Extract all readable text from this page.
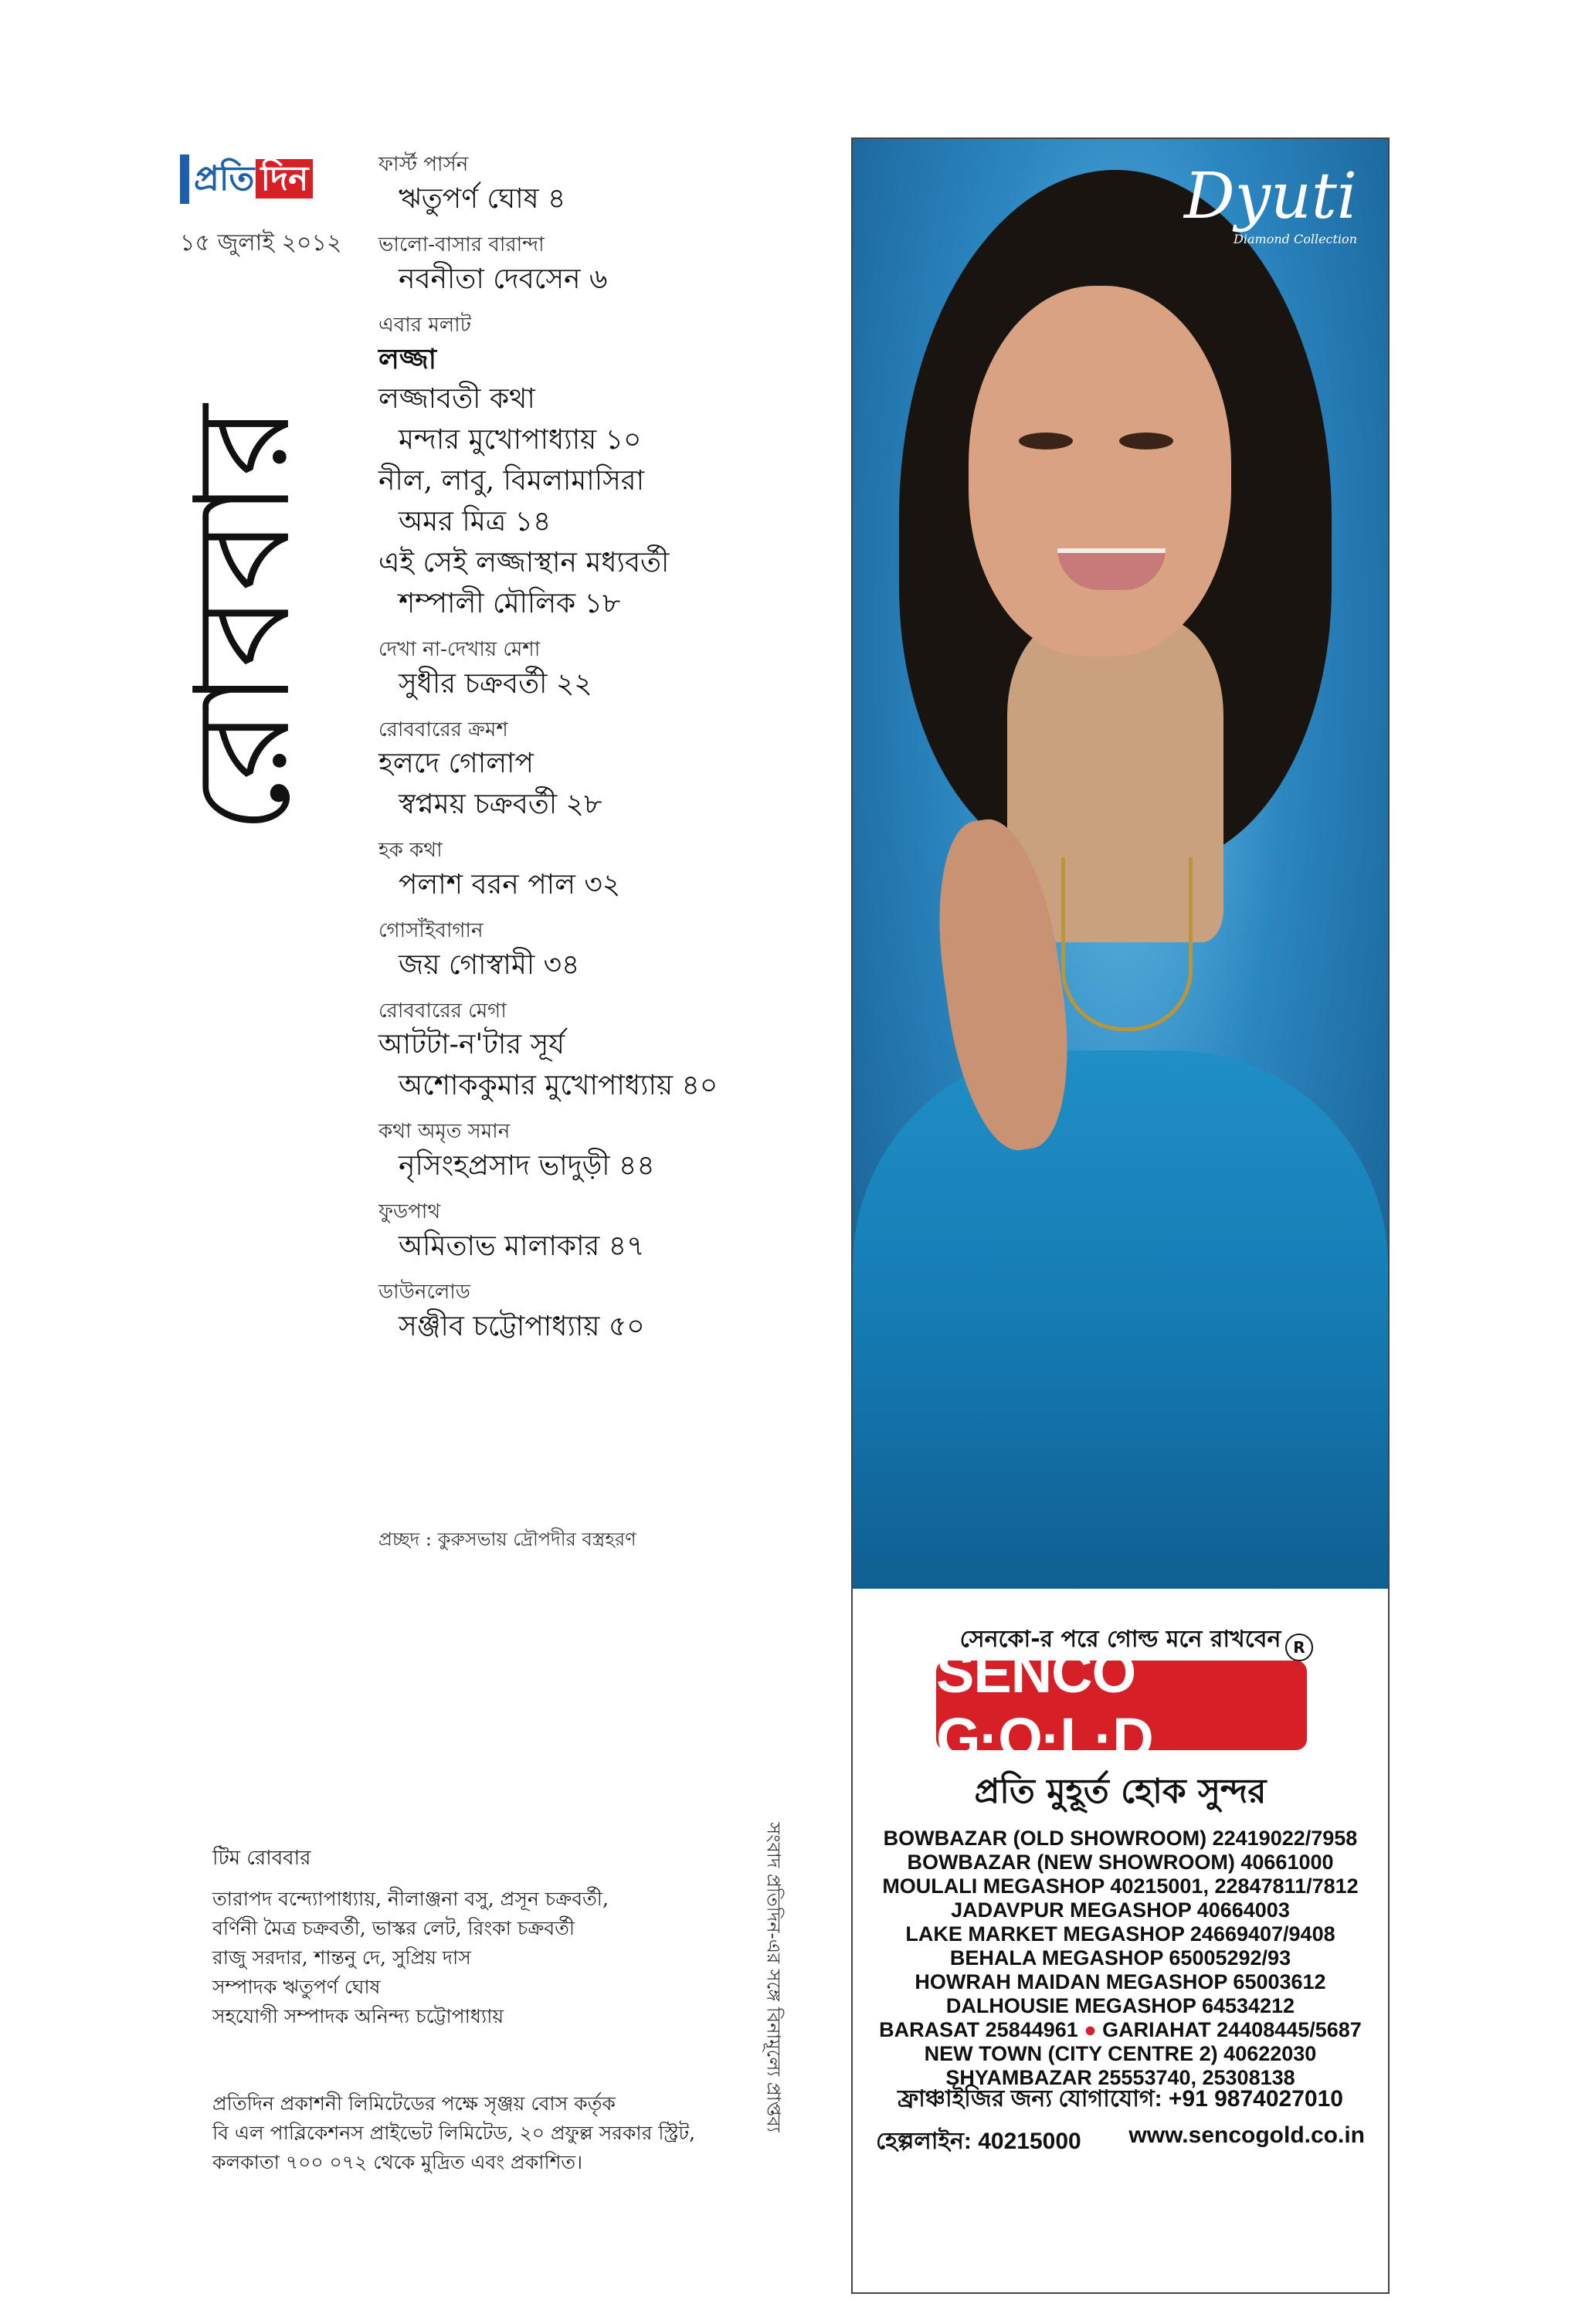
প্রতি দিন
১৫ জুলাই ২০১২
রোববার
ফার্স্ট পার্সন
ঋতুপর্ণ ঘোষ ৪
ভালো-বাসার বারান্দা
নবনীতা দেবসেন ৬
এবার মলাট
লজ্জা
লজ্জাবতী কথা
মন্দার মুখোপাধ্যায় ১০
নীল, লাবু, বিমলামাসিরা
অমর মিত্র ১৪
এই সেই লজ্জাস্থান মধ্যবর্তী
শম্পালী মৌলিক ১৮
দেখা না-দেখায় মেশা
সুধীর চক্রবর্তী ২২
রোববারের ক্রমশ
হলদে গোলাপ
স্বপ্নময় চক্রবর্তী ২৮
হক কথা
পলাশ বরন পাল ৩২
গোসাঁইবাগান
জয় গোস্বামী ৩৪
রোববারের মেগা
আটটা-ন'টার সূর্য
অশোককুমার মুখোপাধ্যায় ৪০
কথা অমৃত সমান
নৃসিংহপ্রসাদ ভাদুড়ী ৪৪
ফুডপাথ
অমিতাভ মালাকার ৪৭
ডাউনলোড
সঞ্জীব চট্টোপাধ্যায় ৫০
প্রচ্ছদ : কুরুসভায় দ্রৌপদীর বস্ত্রহরণ
টিম রোববার
তারাপদ বন্দ্যোপাধ্যায়, নীলাঞ্জনা বসু, প্রসূন চক্রবর্তী,
বর্ণিনী মৈত্র চক্রবর্তী, ভাস্কর লেট, রিংকা চক্রবর্তী
রাজু সরদার, শান্তনু দে, সুপ্রিয় দাস
সম্পাদক ঋতুপর্ণ ঘোষ
সহযোগী সম্পাদক অনিন্দ্য চট্টোপাধ্যায়
প্রতিদিন প্রকাশনী লিমিটেডের পক্ষে সৃঞ্জয় বোস কর্তৃক
বি এল পাব্লিকেশনস প্রাইভেট লিমিটেড, ২০ প্রফুল্ল সরকার স্ট্রিট,
কলকাতা ৭০০ ০৭২ থেকে মুদ্রিত এবং প্রকাশিত।
সংবাদ প্রতিদিন-এর সঙ্গে বিনামূল্যে প্রাপ্তব্য
Dyuti
Diamond Collection
সেনকো-র পরে গোল্ড মনে রাখবেন R
SENCO G·O·L·D
প্রতি মুহূর্ত হোক সুন্দর
BOWBAZAR (OLD SHOWROOM) 22419022/7958
BOWBAZAR (NEW SHOWROOM) 40661000
MOULALI MEGASHOP 40215001, 22847811/7812
JADAVPUR MEGASHOP 40664003
LAKE MARKET MEGASHOP 24669407/9408
BEHALA MEGASHOP 65005292/93
HOWRAH MAIDAN MEGASHOP 65003612
DALHOUSIE MEGASHOP 64534212
BARASAT 25844961 ● GARIAHAT 24408445/5687
NEW TOWN (CITY CENTRE 2) 40622030
SHYAMBAZAR 25553740, 25308138
ফ্রাঞ্চাইজির জন্য যোগাযোগ: +91 9874027010
হেল্পলাইন: 40215000 www.sencogold.co.in
